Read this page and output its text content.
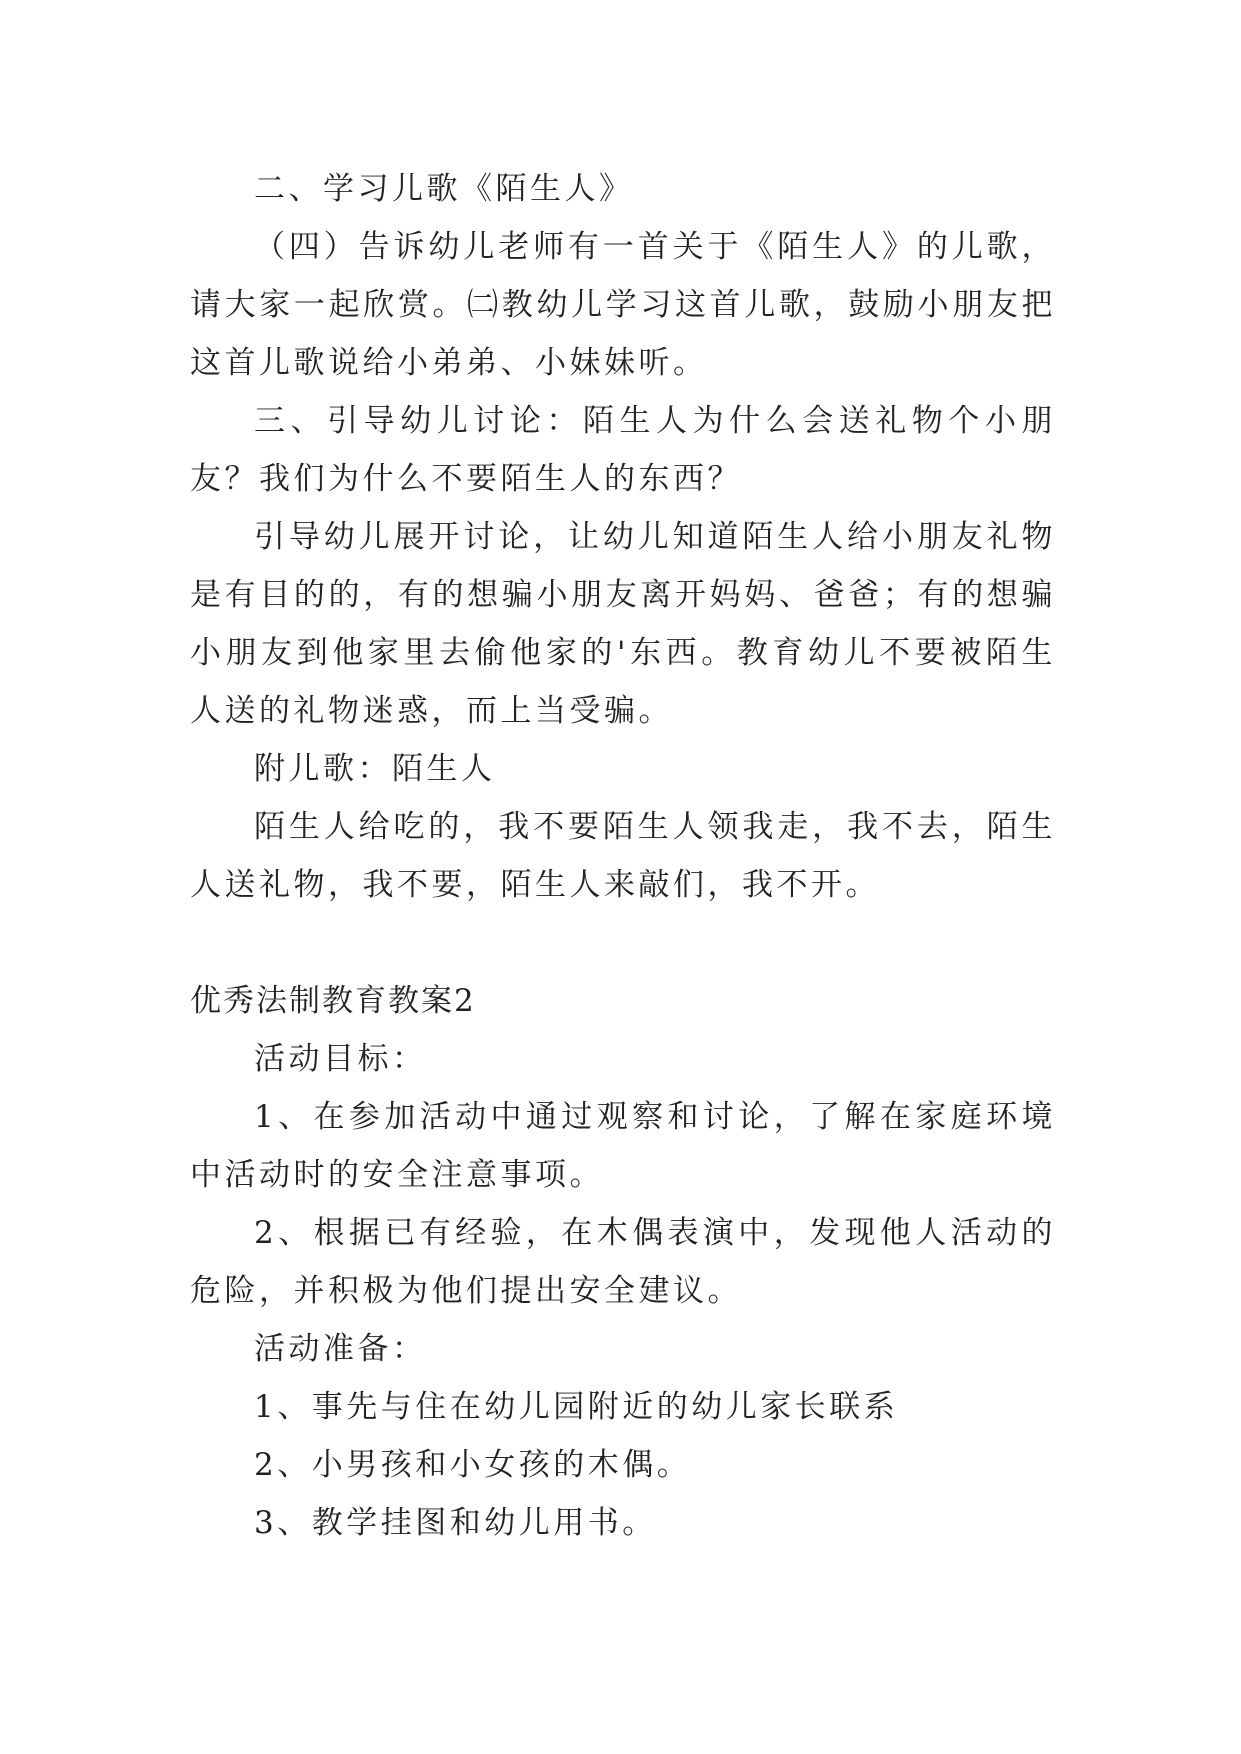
二、学习儿歌《陌生人》

（四）告诉幼儿老师有一首关于《陌生人》的儿歌，请大家一起欣赏。㈡教幼儿学习这首儿歌，鼓励小朋友把这首儿歌说给小弟弟、小妹妹听。

三、引导幼儿讨论：陌生人为什么会送礼物个小朋友？我们为什么不要陌生人的东西？

引导幼儿展开讨论，让幼儿知道陌生人给小朋友礼物是有目的的，有的想骗小朋友离开妈妈、爸爸；有的想骗小朋友到他家里去偷他家的'东西。教育幼儿不要被陌生人送的礼物迷惑，而上当受骗。

附儿歌：陌生人

陌生人给吃的，我不要陌生人领我走，我不去，陌生人送礼物，我不要，陌生人来敲们，我不开。

优秀法制教育教案2

活动目标：

1、在参加活动中通过观察和讨论，了解在家庭环境中活动时的安全注意事项。

2、根据已有经验，在木偶表演中，发现他人活动的危险，并积极为他们提出安全建议。

活动准备：

1、事先与住在幼儿园附近的幼儿家长联系

2、小男孩和小女孩的木偶。

3、教学挂图和幼儿用书。
